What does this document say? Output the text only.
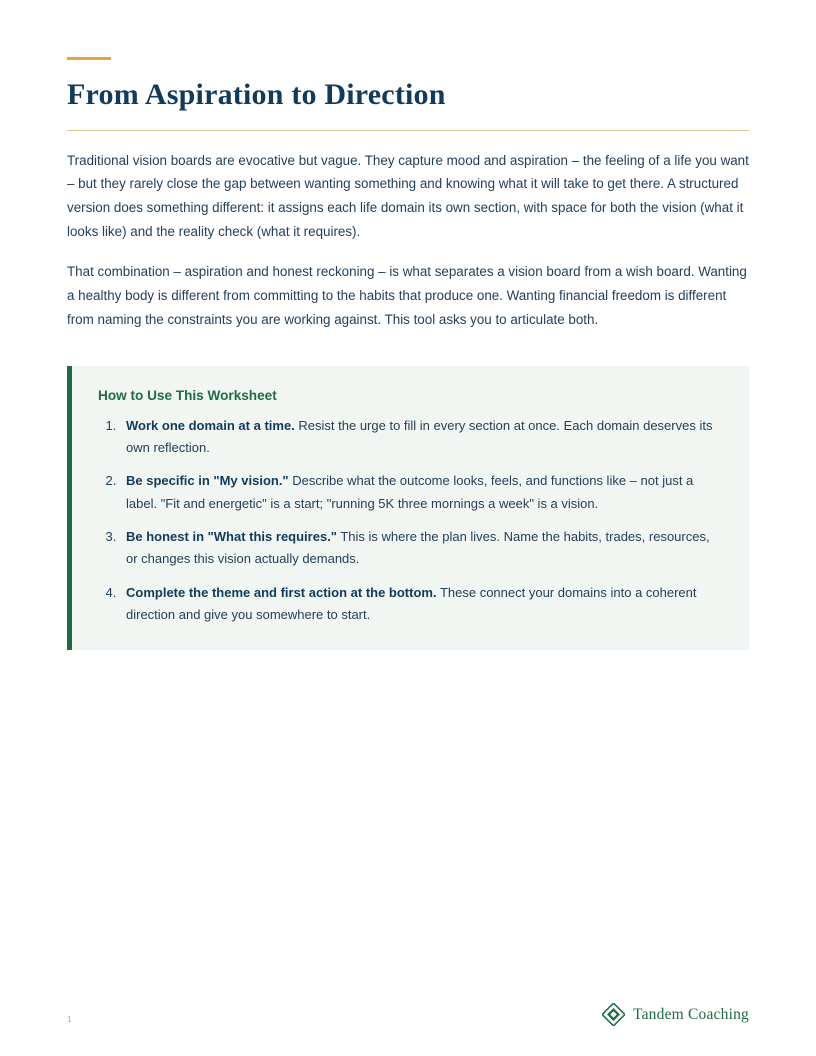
From Aspiration to Direction

Traditional vision boards are evocative but vague. They capture mood and aspiration – the feeling of a life you want – but they rarely close the gap between wanting something and knowing what it will take to get there. A structured version does something different: it assigns each life domain its own section, with space for both the vision (what it looks like) and the reality check (what it requires).

That combination – aspiration and honest reckoning – is what separates a vision board from a wish board. Wanting a healthy body is different from committing to the habits that produce one. Wanting financial freedom is different from naming the constraints you are working against. This tool asks you to articulate both.

How to Use This Worksheet
1. Work one domain at a time. Resist the urge to fill in every section at once. Each domain deserves its own reflection.
2. Be specific in "My vision." Describe what the outcome looks, feels, and functions like – not just a label. "Fit and energetic" is a start; "running 5K three mornings a week" is a vision.
3. Be honest in "What this requires." This is where the plan lives. Name the habits, trades, resources, or changes this vision actually demands.
4. Complete the theme and first action at the bottom. These connect your domains into a coherent direction and give you somewhere to start.
1	Tandem Coaching
